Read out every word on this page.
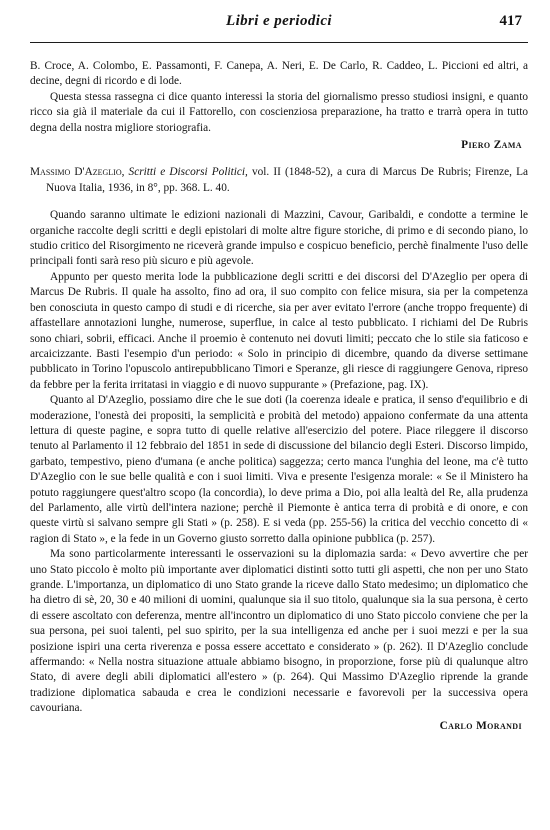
Libri e periodici	417

B. Croce, A. Colombo, E. Passamonti, F. Canepa, A. Neri, E. De Carlo, R. Caddeo, L. Piccioni ed altri, a decine, degni di ricordo e di lode.

Questa stessa rassegna ci dice quanto interessi la storia del giornalismo presso studiosi insigni, e quanto ricco sia già il materiale da cui il Fattorello, con coscienziosa preparazione, ha tratto e trarrà opera in tutto degna della nostra migliore storiografia.

Piero Zama

Massimo D'Azeglio, Scritti e Discorsi Politici, vol. II (1848-52), a cura di Marcus De Rubris; Firenze, La Nuova Italia, 1936, in 8°, pp. 368. L. 40.

Quando saranno ultimate le edizioni nazionali di Mazzini, Cavour, Garibaldi, e condotte a termine le organiche raccolte degli scritti e degli epistolari di molte altre figure storiche, di primo e di secondo piano, lo studio critico del Risorgimento ne riceverà grande impulso e cospicuo beneficio, perchè finalmente l'uso delle principali fonti sarà reso più sicuro e più agevole.

Appunto per questo merita lode la pubblicazione degli scritti e dei discorsi del D'Azeglio per opera di Marcus De Rubris. Il quale ha assolto, fino ad ora, il suo compito con felice misura, sia per la competenza ben conosciuta in questo campo di studi e di ricerche, sia per aver evitato l'errore (anche troppo frequente) di affastellare annotazioni lunghe, numerose, superflue, in calce al testo pubblicato. I richiami del De Rubris sono chiari, sobrii, efficaci. Anche il proemio è contenuto nei dovuti limiti; peccato che lo stile sia faticoso e arcaicizzante. Basti l'esempio d'un periodo: « Solo in principio di dicembre, quando da diverse settimane pubblicato in Torino l'opuscolo antirepubblicano Timori e Speranze, gli riesce di raggiungere Genova, ripreso da febbre per la ferita irritatasi in viaggio e di nuovo suppurante » (Prefazione, pag. IX).

Quanto al D'Azeglio, possiamo dire che le sue doti (la coerenza ideale e pratica, il senso d'equilibrio e di moderazione, l'onestà dei propositi, la semplicità e probità del metodo) appaiono confermate da una attenta lettura di queste pagine, e sopra tutto di quelle relative all'esercizio del potere. Piace rileggere il discorso tenuto al Parlamento il 12 febbraio del 1851 in sede di discussione del bilancio degli Esteri. Discorso limpido, garbato, tempestivo, pieno d'umana (e anche politica) saggezza; certo manca l'unghia del leone, ma c'è tutto D'Azeglio con le sue belle qualità e con i suoi limiti. Viva e presente l'esigenza morale: « Se il Ministero ha potuto raggiungere quest'altro scopo (la concordia), lo deve prima a Dio, poi alla lealtà del Re, alla prudenza del Parlamento, alle virtù dell'intera nazione; perchè il Piemonte è antica terra di probità e di onore, e con queste virtù si salvano sempre gli Stati » (p. 258). E si veda (pp. 255-56) la critica del vecchio concetto di « ragion di Stato », e la fede in un Governo giusto sorretto dalla opinione pubblica (p. 257).

Ma sono particolarmente interessanti le osservazioni su la diplomazia sarda: « Devo avvertire che per uno Stato piccolo è molto più importante aver diplomatici distinti sotto tutti gli aspetti, che non per uno Stato grande. L'importanza, un diplomatico di uno Stato grande la riceve dallo Stato medesimo; un diplomatico che ha dietro di sè, 20, 30 e 40 milioni di uomini, qualunque sia il suo titolo, qualunque sia la sua persona, è certo di essere ascoltato con deferenza, mentre all'incontro un diplomatico di uno Stato piccolo conviene che per la sua persona, pei suoi talenti, pel suo spirito, per la sua intelligenza ed anche per i suoi mezzi e per la sua posizione ispiri una certa riverenza e possa essere accettato e considerato » (p. 262). Il D'Azeglio conclude affermando: « Nella nostra situazione attuale abbiamo bisogno, in proporzione, forse più di qualunque altro Stato, di avere degli abili diplomatici all'estero » (p. 264). Qui Massimo D'Azeglio riprende la grande tradizione diplomatica sabauda e crea le condizioni necessarie e favorevoli per la successiva opera cavouriana.

Carlo Morandi
